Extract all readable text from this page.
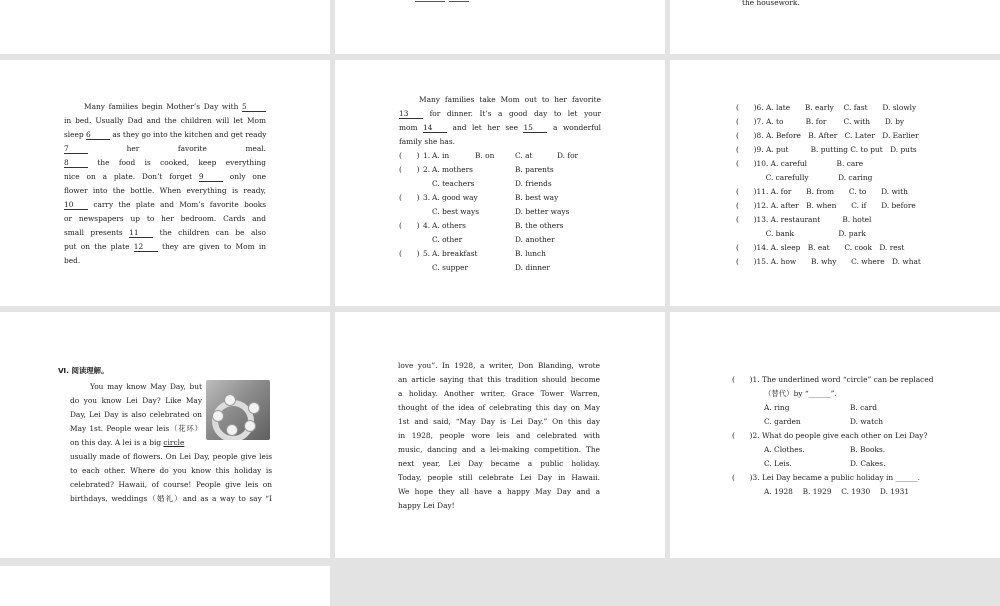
the housework.
Many families begin Mother’s Day with 5
in bed. Usually Dad and the children will let Mom
sleep 6	as they go into the kitchen and get ready
7	her favorite meal.
8	the food is cooked, keep everything
nice on a plate. Don’t forget 9	only one
flower into the bottle. When everything is ready,
10 carry the plate and Mom’s favorite books
or newspapers up to her bedroom. Cards and
small presents 11 the children can be also
put on the plate 12 they are given to Mom in
bed.
Many families take Mom out to her favorite
13 for dinner. It’s a good day to let your
mom 14 and let her see 15 a wonderful
family she has.
(　　) 1. A. in	B. on	C. at	D. for
(　　) 2. A. mothers	B. parents
C. teachers	D. friends
(　　) 3. A. good way	B. best way
C. best ways	D. better ways
(　　) 4. A. others	B. the others
C. other	D. another
(　　) 5. A. breakfast	B. lunch
C. supper	D. dinner
(　　)6. A. late　　B. early　 C. fast　　D. slowly
(　　)7. A. to　　　B. for　　 C. with　　D. by
(　　)8. A. Before　B. After　C. Later　D. Earlier
(　　)9. A. put　　　B. putting C. to put　D. puts
(　　)10. A. careful　　　　B. care
　　　　C. carefully　　　　D. caring
(　　)11. A. for　　B. from　　C. to　　D. with
(　　)12. A. after　B. when　　C. if　　D. before
(　　)13. A. restaurant　　　B. hotel
　　　　C. bank　　　　　　D. park
(　　)14. A. sleep　B. eat　　C. cook　D. rest
(　　)15. A. how　　B. why　　C. where　D. what
Ⅵ. 阅读理解。
You may know May Day, but
do you know Lei Day? Like May
Day, Lei Day is also celebrated on
May 1st. People wear leis（花环）
on this day. A lei is a big circle
usually made of flowers. On Lei Day, people give leis
to each other. Where do you know this holiday is
celebrated? Hawaii, of course! People give leis on
birthdays, weddings（婚礼）and as a way to say “I
love you”. In 1928, a writer, Don Blanding, wrote
an article saying that this tradition should become
a holiday. Another writer, Grace Tower Warren,
thought of the idea of celebrating this day on May
1st and said, “May Day is Lei Day.” On this day
in 1928, people wore leis and celebrated with
music, dancing and a lei-making competition. The
next year, Lei Day became a public holiday.
Today, people still celebrate Lei Day in Hawaii.
We hope they all have a happy May Day and a
happy Lei Day!
(　　)1. The underlined word “circle” can be replaced
（替代）by “______”.
A. ring	B. card
C. garden	D. watch
(　　)2. What do people give each other on Lei Day?
A. Clothes.	B. Books.
C. Leis.	D. Cakes.
(　　)3. Lei Day became a public holiday in ______.
A. 1928　 B. 1929　 C. 1930　 D. 1931
